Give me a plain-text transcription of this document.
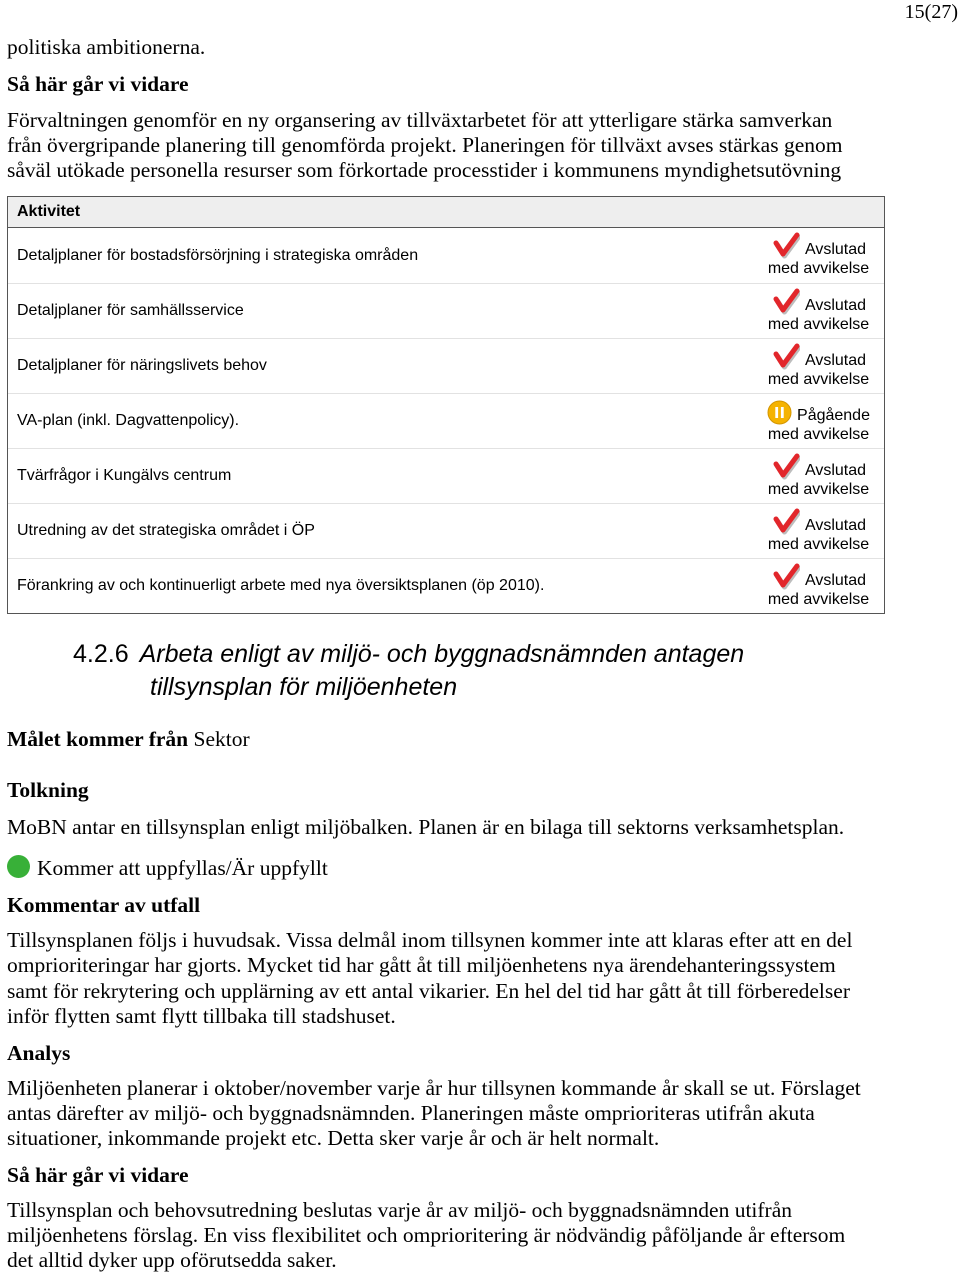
15(27)
politiska ambitionerna.
Så här går vi vidare
Förvaltningen genomför en ny organsering av tillväxtarbetet för att ytterligare stärka samverkan
från övergripande planering till genomförda projekt. Planeringen för tillväxt avses stärkas genom
såväl utökade personella resurser som förkortade processtider i kommunens myndighetsutövning
Aktivitet
Detaljplaner för bostadsförsörjning i strategiska områden	Avslutad
med avvikelse
Detaljplaner för samhällsservice	Avslutad
med avvikelse
Detaljplaner för näringslivets behov	Avslutad
med avvikelse
VA-plan (inkl. Dagvattenpolicy).	Pågående
med avvikelse
Tvärfrågor i Kungälvs centrum	Avslutad
med avvikelse
Utredning av det strategiska området i ÖP	Avslutad
med avvikelse
Förankring av och kontinuerligt arbete med nya översiktsplanen (öp 2010).	Avslutad
med avvikelse
4.2.6 Arbeta enligt av miljö- och byggnadsnämnden antagen
tillsynsplan för miljöenheten
Målet kommer från Sektor
Tolkning
MoBN antar en tillsynsplan enligt miljöbalken. Planen är en bilaga till sektorns verksamhetsplan.
Kommer att uppfyllas/Är uppfyllt
Kommentar av utfall
Tillsynsplanen följs i huvudsak. Vissa delmål inom tillsynen kommer inte att klaras efter att en del
omprioriteringar har gjorts. Mycket tid har gått åt till miljöenhetens nya ärendehanteringssystem
samt för rekrytering och upplärning av ett antal vikarier. En hel del tid har gått åt till förberedelser
inför flytten samt flytt tillbaka till stadshuset.
Analys
Miljöenheten planerar i oktober/november varje år hur tillsynen kommande år skall se ut. Förslaget
antas därefter av miljö- och byggnadsnämnden. Planeringen måste omprioriteras utifrån akuta
situationer, inkommande projekt etc. Detta sker varje år och är helt normalt.
Så här går vi vidare
Tillsynsplan och behovsutredning beslutas varje år av miljö- och byggnadsnämnden utifrån
miljöenhetens förslag. En viss flexibilitet och omprioritering är nödvändig påföljande år eftersom
det alltid dyker upp oförutsedda saker.
